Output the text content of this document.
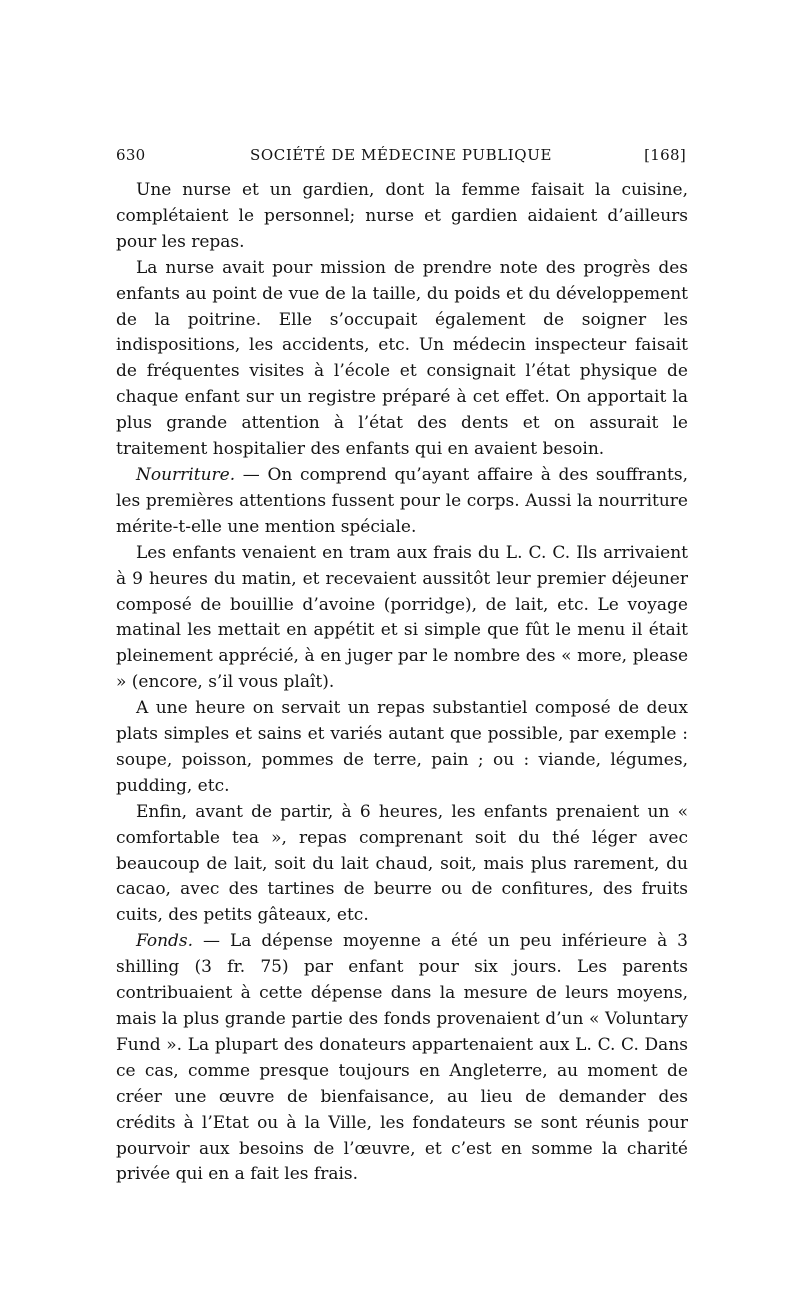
630	SOCIÉTÉ DE MÉDECINE PUBLIQUE	[168]

Une nurse et un gardien, dont la femme faisait la cuisine, complétaient le personnel; nurse et gardien aidaient d’ailleurs pour les repas.

La nurse avait pour mission de prendre note des progrès des enfants au point de vue de la taille, du poids et du développement de la poitrine. Elle s’occupait également de soigner les indispositions, les accidents, etc. Un médecin inspecteur faisait de fréquentes visites à l’école et consignait l’état physique de chaque enfant sur un registre préparé à cet effet. On apportait la plus grande attention à l’état des dents et on assurait le traitement hospitalier des enfants qui en avaient besoin.

Nourriture. — On comprend qu’ayant affaire à des souffrants, les premières attentions fussent pour le corps. Aussi la nourriture mérite-t-elle une mention spéciale.

Les enfants venaient en tram aux frais du L. C. C. Ils arrivaient à 9 heures du matin, et recevaient aussitôt leur premier déjeuner composé de bouillie d’avoine (porridge), de lait, etc. Le voyage matinal les mettait en appétit et si simple que fût le menu il était pleinement apprécié, à en juger par le nombre des « more, please » (encore, s’il vous plaît).

A une heure on servait un repas substantiel composé de deux plats simples et sains et variés autant que possible, par exemple : soupe, poisson, pommes de terre, pain ; ou : viande, légumes, pudding, etc.

Enfin, avant de partir, à 6 heures, les enfants prenaient un « comfortable tea », repas comprenant soit du thé léger avec beaucoup de lait, soit du lait chaud, soit, mais plus rarement, du cacao, avec des tartines de beurre ou de confitures, des fruits cuits, des petits gâteaux, etc.

Fonds. — La dépense moyenne a été un peu inférieure à 3 shilling (3 fr. 75) par enfant pour six jours. Les parents contribuaient à cette dépense dans la mesure de leurs moyens, mais la plus grande partie des fonds provenaient d’un « Voluntary Fund ». La plupart des donateurs appartenaient aux L. C. C. Dans ce cas, comme presque toujours en Angleterre, au moment de créer une œuvre de bienfaisance, au lieu de demander des crédits à l’Etat ou à la Ville, les fondateurs se sont réunis pour pourvoir aux besoins de l’œuvre, et c’est en somme la charité privée qui en a fait les frais.
